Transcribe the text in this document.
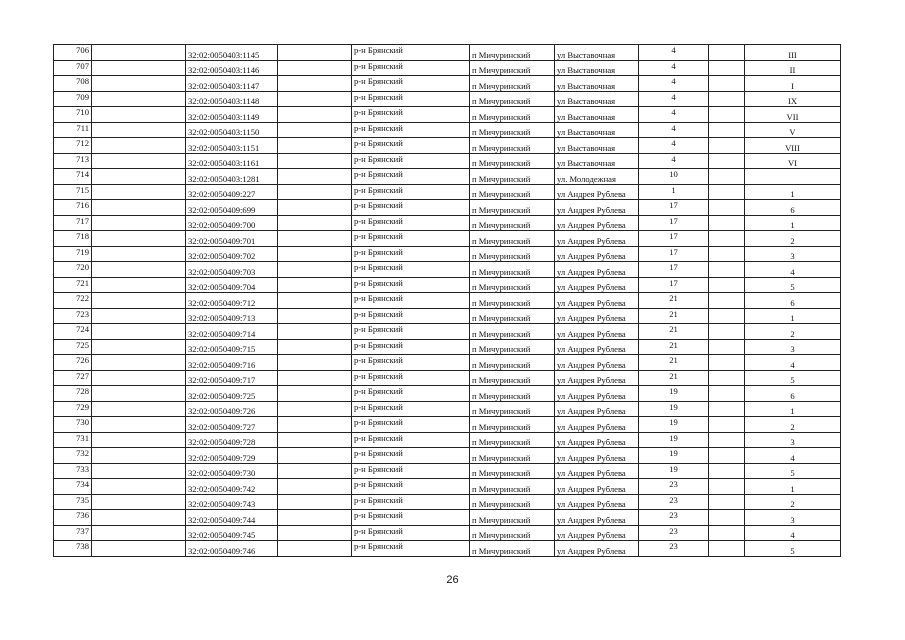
706		32:02:0050403:1145		р-н Брянский	п Мичуринский	ул Выставочная	4		III
707		32:02:0050403:1146		р-н Брянский	п Мичуринский	ул Выставочная	4		II
708		32:02:0050403:1147		р-н Брянский	п Мичуринский	ул Выставочная	4		I
709		32:02:0050403:1148		р-н Брянский	п Мичуринский	ул Выставочная	4		IX
710		32:02:0050403:1149		р-н Брянский	п Мичуринский	ул Выставочная	4		VII
711		32:02:0050403:1150		р-н Брянский	п Мичуринский	ул Выставочная	4		V
712		32:02:0050403:1151		р-н Брянский	п Мичуринский	ул Выставочная	4		VIII
713		32:02:0050403:1161		р-н Брянский	п Мичуринский	ул Выставочная	4		VI
714		32:02:0050403:1281		р-н Брянский	п Мичуринский	ул. Молодежная	10		
715		32:02:0050409:227		р-н Брянский	п Мичуринский	ул Андрея Рублева	1		1
716		32:02:0050409:699		р-н Брянский	п Мичуринский	ул Андрея Рублева	17		6
717		32:02:0050409:700		р-н Брянский	п Мичуринский	ул Андрея Рублева	17		1
718		32:02:0050409:701		р-н Брянский	п Мичуринский	ул Андрея Рублева	17		2
719		32:02:0050409:702		р-н Брянский	п Мичуринский	ул Андрея Рублева	17		3
720		32:02:0050409:703		р-н Брянский	п Мичуринский	ул Андрея Рублева	17		4
721		32:02:0050409:704		р-н Брянский	п Мичуринский	ул Андрея Рублева	17		5
722		32:02:0050409:712		р-н Брянский	п Мичуринский	ул Андрея Рублева	21		6
723		32:02:0050409:713		р-н Брянский	п Мичуринский	ул Андрея Рублева	21		1
724		32:02:0050409:714		р-н Брянский	п Мичуринский	ул Андрея Рублева	21		2
725		32:02:0050409:715		р-н Брянский	п Мичуринский	ул Андрея Рублева	21		3
726		32:02:0050409:716		р-н Брянский	п Мичуринский	ул Андрея Рублева	21		4
727		32:02:0050409:717		р-н Брянский	п Мичуринский	ул Андрея Рублева	21		5
728		32:02:0050409:725		р-н Брянский	п Мичуринский	ул Андрея Рублева	19		6
729		32:02:0050409:726		р-н Брянский	п Мичуринский	ул Андрея Рублева	19		1
730		32:02:0050409:727		р-н Брянский	п Мичуринский	ул Андрея Рублева	19		2
731		32:02:0050409:728		р-н Брянский	п Мичуринский	ул Андрея Рублева	19		3
732		32:02:0050409:729		р-н Брянский	п Мичуринский	ул Андрея Рублева	19		4
733		32:02:0050409:730		р-н Брянский	п Мичуринский	ул Андрея Рублева	19		5
734		32:02:0050409:742		р-н Брянский	п Мичуринский	ул Андрея Рублева	23		1
735		32:02:0050409:743		р-н Брянский	п Мичуринский	ул Андрея Рублева	23		2
736		32:02:0050409:744		р-н Брянский	п Мичуринский	ул Андрея Рублева	23		3
737		32:02:0050409:745		р-н Брянский	п Мичуринский	ул Андрея Рублева	23		4
738		32:02:0050409:746		р-н Брянский	п Мичуринский	ул Андрея Рублева	23		5
26
